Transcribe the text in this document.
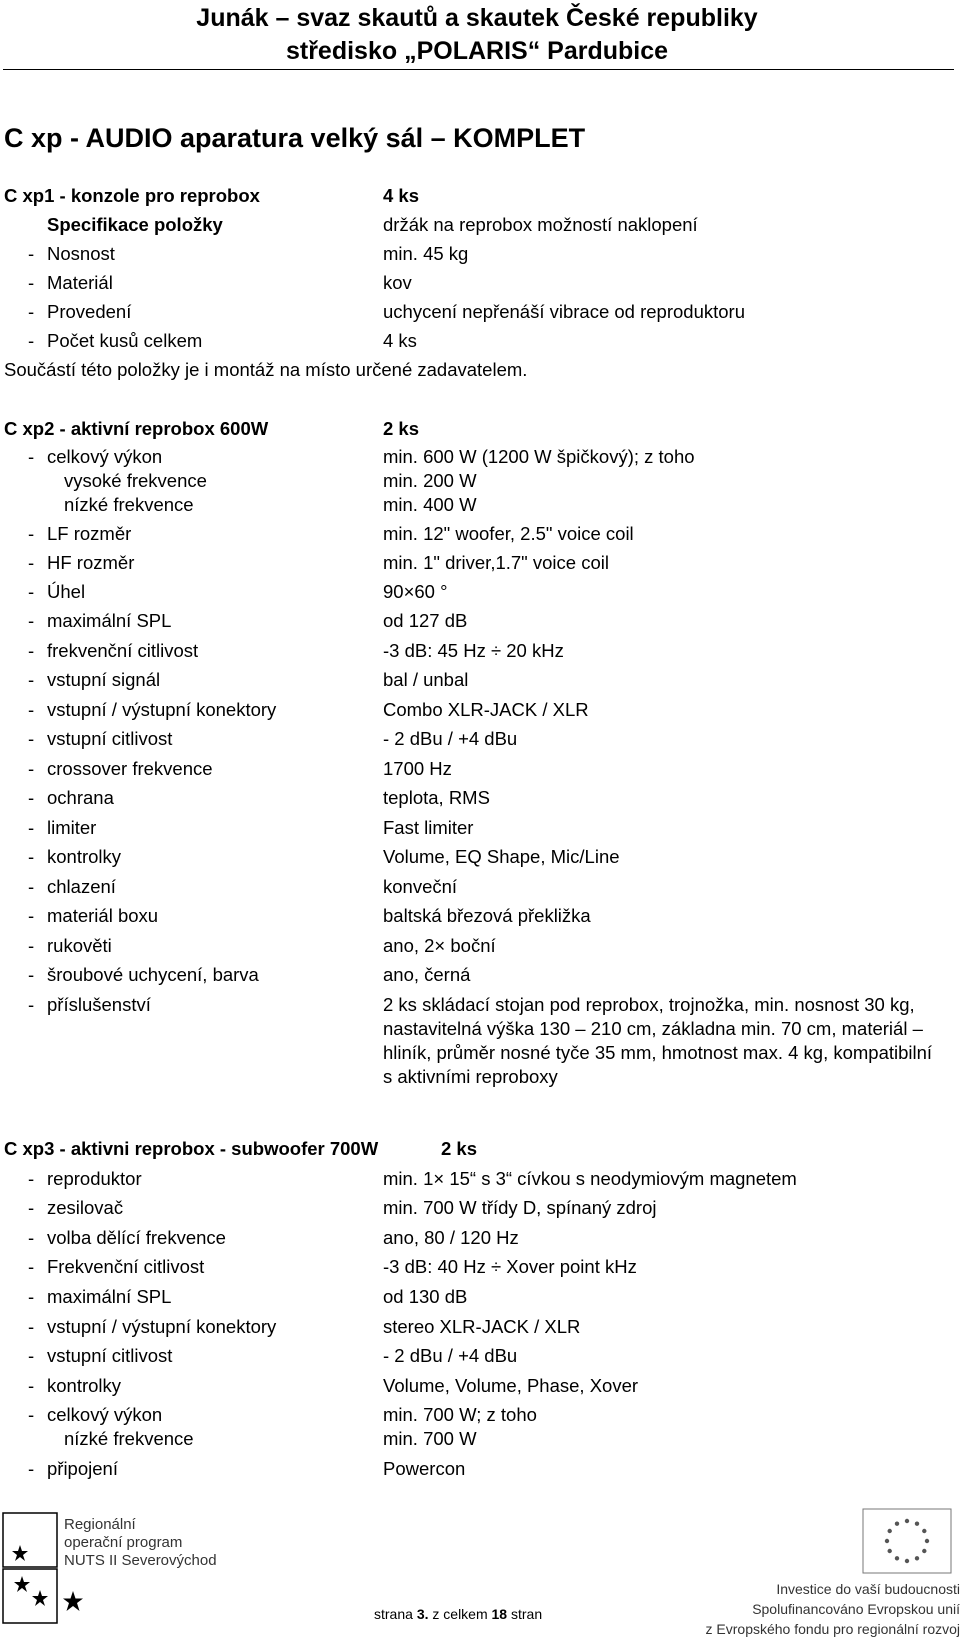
Junák – svaz skautů a skautek České republiky
středisko „POLARIS“ Pardubice
C xp - AUDIO aparatura velký sál – KOMPLET
C xp1 - konzole pro reprobox	4 ks
Specifikace položky	držák na reprobox možností naklopení
- Nosnost	min. 45 kg
- Materiál	kov
- Provedení	uchycení nepřenáší vibrace od reproduktoru
- Počet kusů celkem	4 ks
Součástí této položky je i montáž na místo určené zadavatelem.
C xp2 - aktivní reprobox 600W	2 ks
- celkový výkon	min. 600 W (1200 W špičkový); z toho
vysoké frekvence	min. 200 W
nízké frekvence	min. 400 W
- LF rozměr	min. 12" woofer, 2.5" voice coil
- HF rozměr	min. 1" driver,1.7" voice coil
- Úhel	90×60 °
- maximální SPL	od 127 dB
- frekvenční citlivost	-3 dB: 45 Hz ÷ 20 kHz
- vstupní signál	bal / unbal
- vstupní / výstupní konektory	Combo XLR-JACK / XLR
- vstupní citlivost	- 2 dBu / +4 dBu
- crossover frekvence	1700 Hz
- ochrana	teplota, RMS
- limiter	Fast limiter
- kontrolky	Volume, EQ Shape, Mic/Line
- chlazení	konveční
- materiál boxu	baltská březová překližka
- rukověti	ano, 2× boční
- šroubové uchycení, barva	ano, černá
- příslušenství	2 ks skládací stojan pod reprobox, trojnožka, min. nosnost 30 kg, nastavitelná výška 130 – 210 cm, základna min. 70 cm, materiál – hliník, průměr nosné tyče 35 mm, hmotnost max. 4 kg, kompatibilní s aktivními reproboxy
C xp3 - aktivni reprobox - subwoofer 700W	2 ks
- reproduktor	min. 1× 15“ s 3“ cívkou s neodymiovým magnetem
- zesilovač	min. 700 W třídy D, spínaný zdroj
- volba dělící frekvence	ano, 80 / 120 Hz
- Frekvenční citlivost	-3 dB: 40 Hz ÷ Xover point kHz
- maximální SPL	od 130 dB
- vstupní / výstupní konektory	stereo XLR-JACK / XLR
- vstupní citlivost	- 2 dBu / +4 dBu
- kontrolky	Volume, Volume, Phase, Xover
- celkový výkon	min. 700 W; z toho
nízké frekvence	min. 700 W
- připojení	Powercon
Regionální
operační program
NUTS II Severovýchod
strana 3. z celkem 18 stran
Investice do vaší budoucnosti
Spolufinancováno Evropskou unií
z Evropského fondu pro regionální rozvoj
